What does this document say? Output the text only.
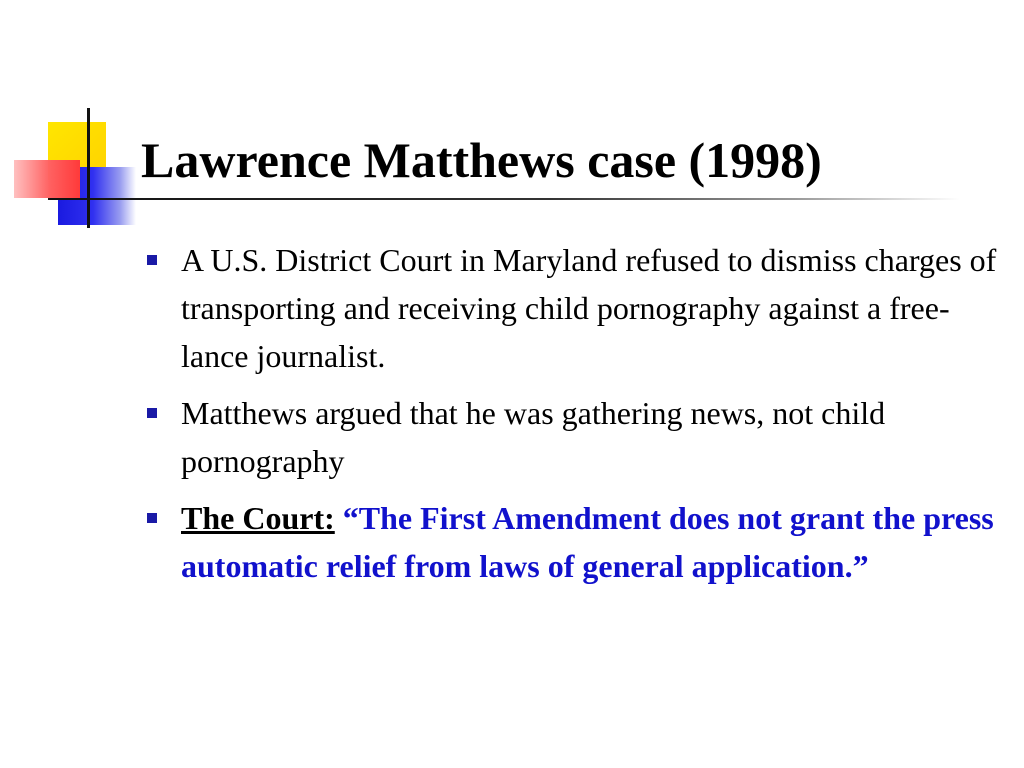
Lawrence Matthews case (1998)
A U.S. District Court in Maryland refused to dismiss charges of transporting and receiving child pornography against a free-lance journalist.
Matthews argued that he was gathering news, not child pornography
The Court: “The First Amendment does not grant the press automatic relief from laws of general application.”
